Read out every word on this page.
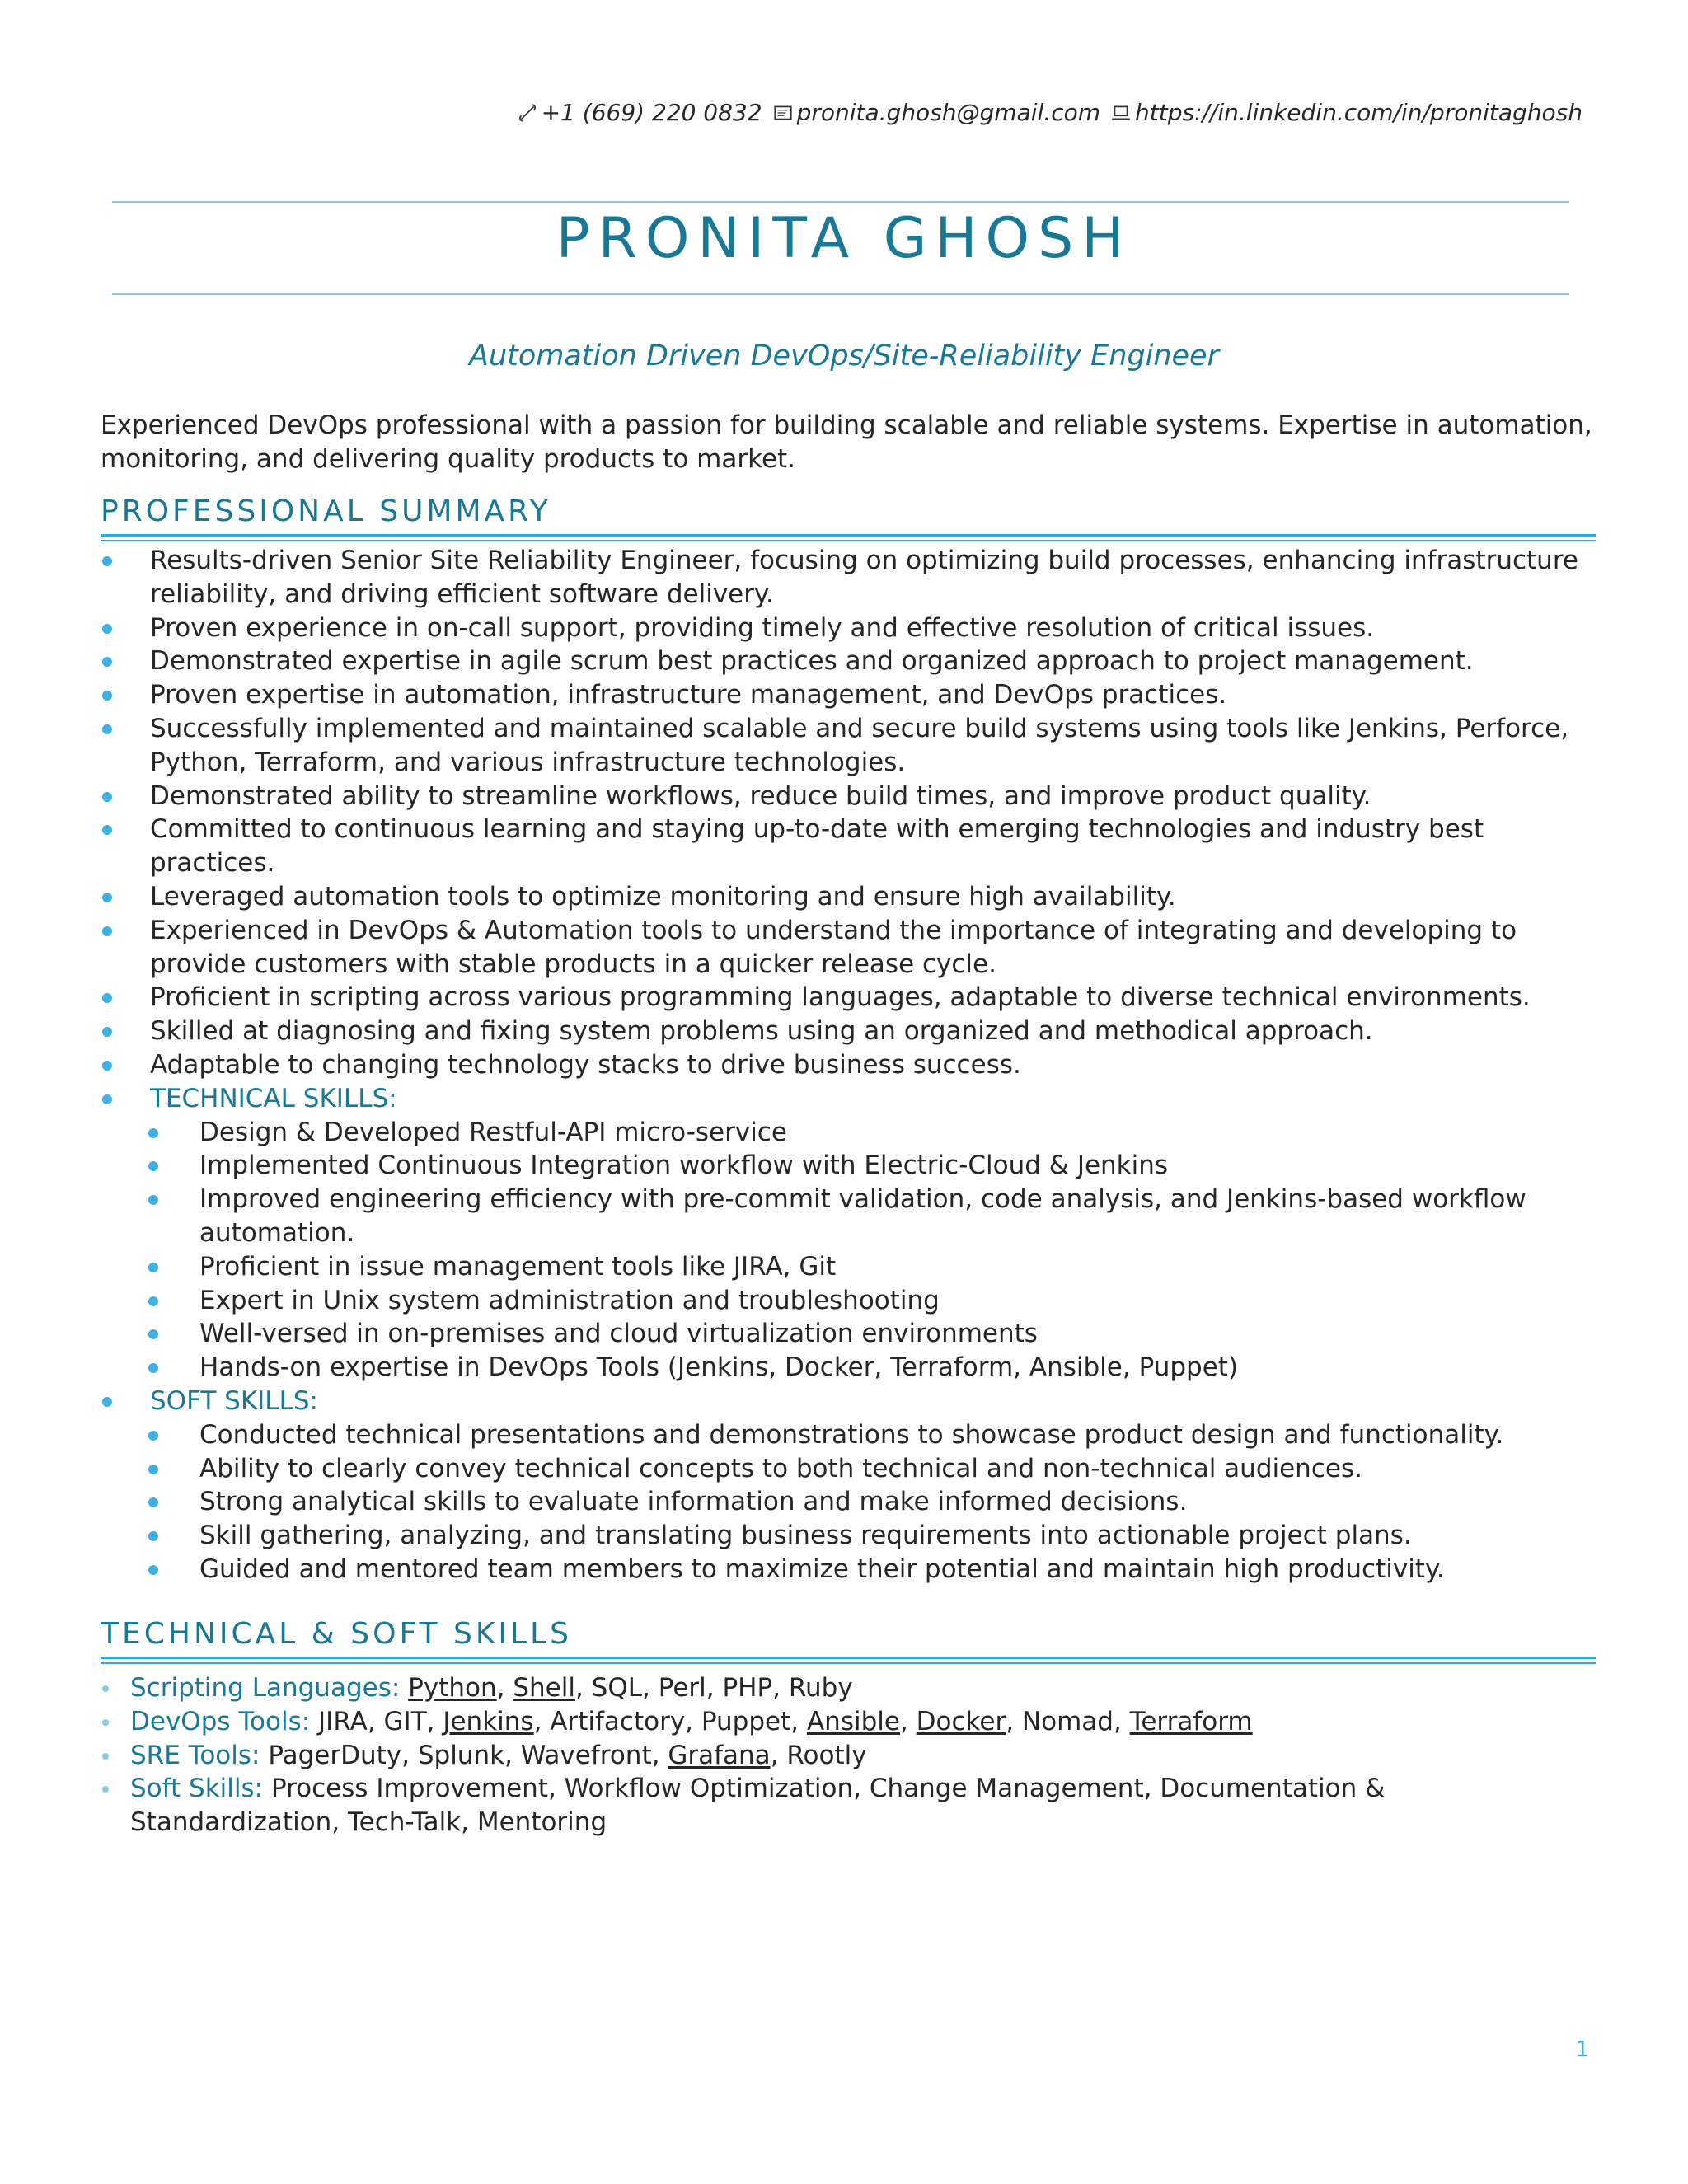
+1 (669) 220 0832 pronita.ghosh@gmail.com https://in.linkedin.com/in/pronitaghosh
PRONITA GHOSH
Automation Driven DevOps/Site-Reliability Engineer
Experienced DevOps professional with a passion for building scalable and reliable systems. Expertise in automation, monitoring, and delivering quality products to market.
PROFESSIONAL SUMMARY
Results-driven Senior Site Reliability Engineer, focusing on optimizing build processes, enhancing infrastructure reliability, and driving efficient software delivery.
Proven experience in on-call support, providing timely and effective resolution of critical issues.
Demonstrated expertise in agile scrum best practices and organized approach to project management.
Proven expertise in automation, infrastructure management, and DevOps practices.
Successfully implemented and maintained scalable and secure build systems using tools like Jenkins, Perforce, Python, Terraform, and various infrastructure technologies.
Demonstrated ability to streamline workflows, reduce build times, and improve product quality.
Committed to continuous learning and staying up-to-date with emerging technologies and industry best practices.
Leveraged automation tools to optimize monitoring and ensure high availability.
Experienced in DevOps & Automation tools to understand the importance of integrating and developing to provide customers with stable products in a quicker release cycle.
Proficient in scripting across various programming languages, adaptable to diverse technical environments.
Skilled at diagnosing and fixing system problems using an organized and methodical approach.
Adaptable to changing technology stacks to drive business success.
TECHNICAL SKILLS:
Design & Developed Restful-API micro-service
Implemented Continuous Integration workflow with Electric-Cloud & Jenkins
Improved engineering efficiency with pre-commit validation, code analysis, and Jenkins-based workflow automation.
Proficient in issue management tools like JIRA, Git
Expert in Unix system administration and troubleshooting
Well-versed in on-premises and cloud virtualization environments
Hands-on expertise in DevOps Tools (Jenkins, Docker, Terraform, Ansible, Puppet)
SOFT SKILLS:
Conducted technical presentations and demonstrations to showcase product design and functionality.
Ability to clearly convey technical concepts to both technical and non-technical audiences.
Strong analytical skills to evaluate information and make informed decisions.
Skill gathering, analyzing, and translating business requirements into actionable project plans.
Guided and mentored team members to maximize their potential and maintain high productivity.
TECHNICAL & SOFT SKILLS
Scripting Languages: Python, Shell, SQL, Perl, PHP, Ruby
DevOps Tools: JIRA, GIT, Jenkins, Artifactory, Puppet, Ansible, Docker, Nomad, Terraform
SRE Tools: PagerDuty, Splunk, Wavefront, Grafana, Rootly
Soft Skills: Process Improvement, Workflow Optimization, Change Management, Documentation & Standardization, Tech-Talk, Mentoring
1
